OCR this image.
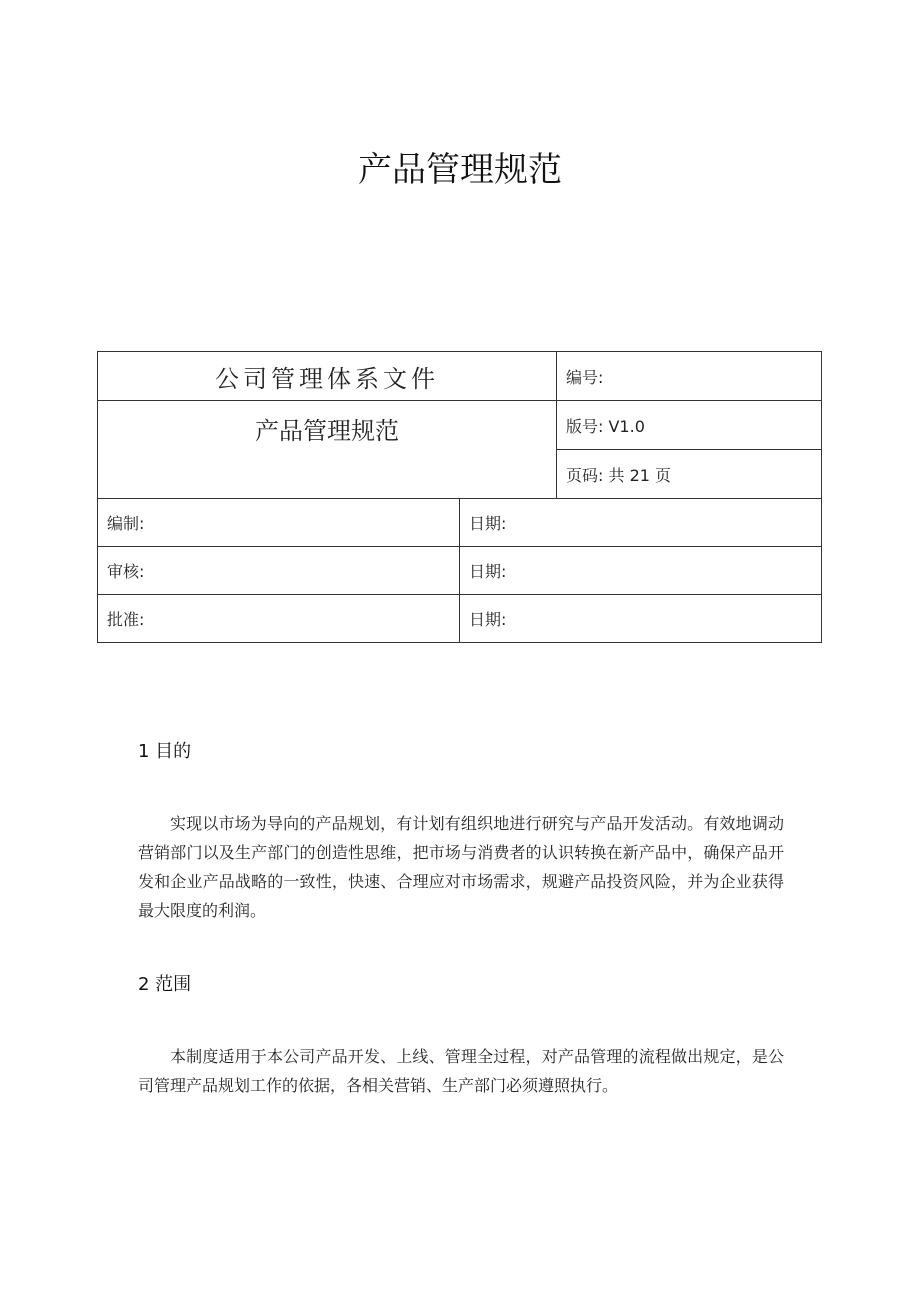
产品管理规范
公司管理体系文件		编号:
产品管理规范		版号: V1.0
		页码: 共 21 页
编制:	日期:	
审核:	日期:	
批准:	日期:	
1 目的

实现以市场为导向的产品规划，有计划有组织地进行研究与产品开发活动。有效地调动营销部门以及生产部门的创造性思维，把市场与消费者的认识转换在新产品中，确保产品开发和企业产品战略的一致性，快速、合理应对市场需求，规避产品投资风险，并为企业获得最大限度的利润。

2 范围

本制度适用于本公司产品开发、上线、管理全过程，对产品管理的流程做出规定，是公司管理产品规划工作的依据，各相关营销、生产部门必须遵照执行。
